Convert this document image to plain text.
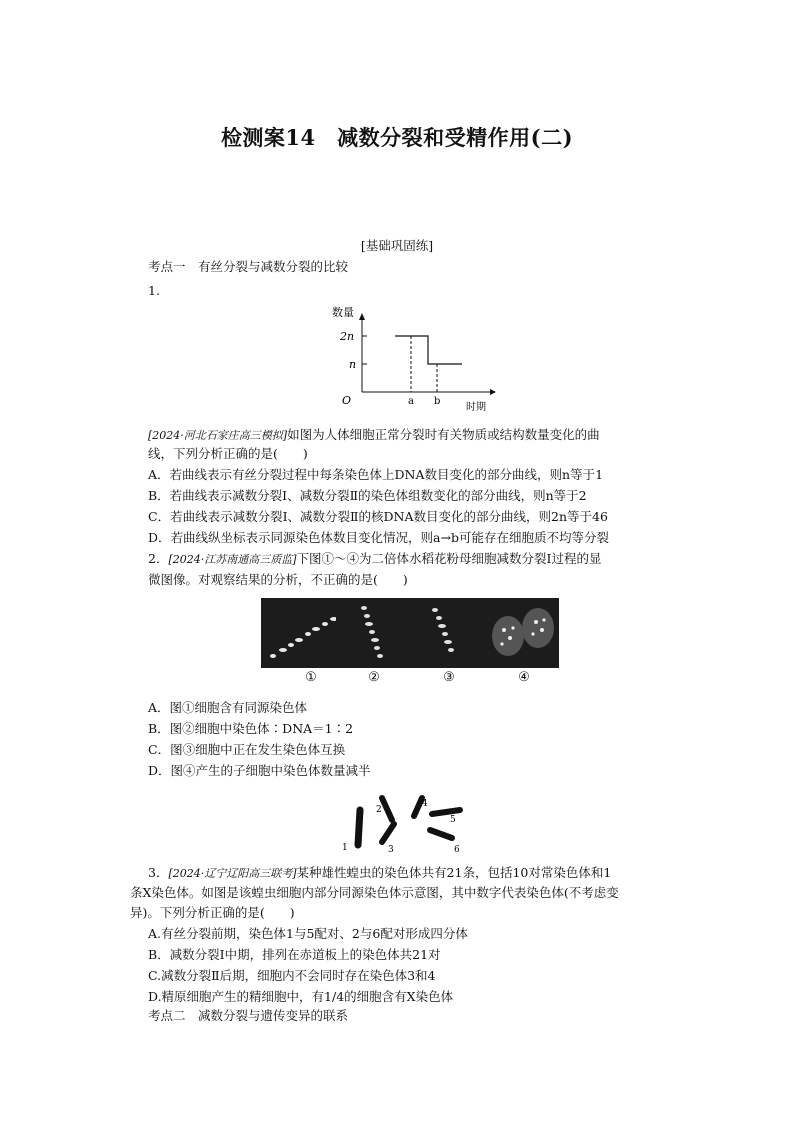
检测案14　减数分裂和受精作用(二)
[基础巩固练]
考点一　有丝分裂与减数分裂的比较
1.
数量
2n
n
O	a b
时期
[2024·河北石家庄高三模拟]如图为人体细胞正常分裂时有关物质或结构数量变化的曲
线，下列分析正确的是(　　)
A．若曲线表示有丝分裂过程中每条染色体上DNA数目变化的部分曲线，则n等于1
B．若曲线表示减数分裂Ⅰ、减数分裂Ⅱ的染色体组数变化的部分曲线，则n等于2
C．若曲线表示减数分裂Ⅰ、减数分裂Ⅱ的核DNA数目变化的部分曲线，则2n等于46
D．若曲线纵坐标表示同源染色体数目变化情况，则a→b可能存在细胞质不均等分裂
2．[2024·江苏南通高三质监]下图①～④为二倍体水稻花粉母细胞减数分裂Ⅰ过程的显
微图像。对观察结果的分析，不正确的是(　　)
①	②	③	④
A．图①细胞含有同源染色体
B．图②细胞中染色体∶DNA＝1∶2
C．图③细胞中正在发生染色体互换
D．图④产生的子细胞中染色体数量减半
1
2
3
4
5
6
3．[2024·辽宁辽阳高三联考]某种雄性蝗虫的染色体共有21条，包括10对常染色体和1
条X染色体。如图是该蝗虫细胞内部分同源染色体示意图，其中数字代表染色体(不考虑变
异)。下列分析正确的是(　　)
A.有丝分裂前期，染色体1与5配对、2与6配对形成四分体
B．减数分裂Ⅰ中期，排列在赤道板上的染色体共21对
C.减数分裂Ⅱ后期，细胞内不会同时存在染色体3和4
D.精原细胞产生的精细胞中，有1/4的细胞含有X染色体
考点二　减数分裂与遗传变异的联系
